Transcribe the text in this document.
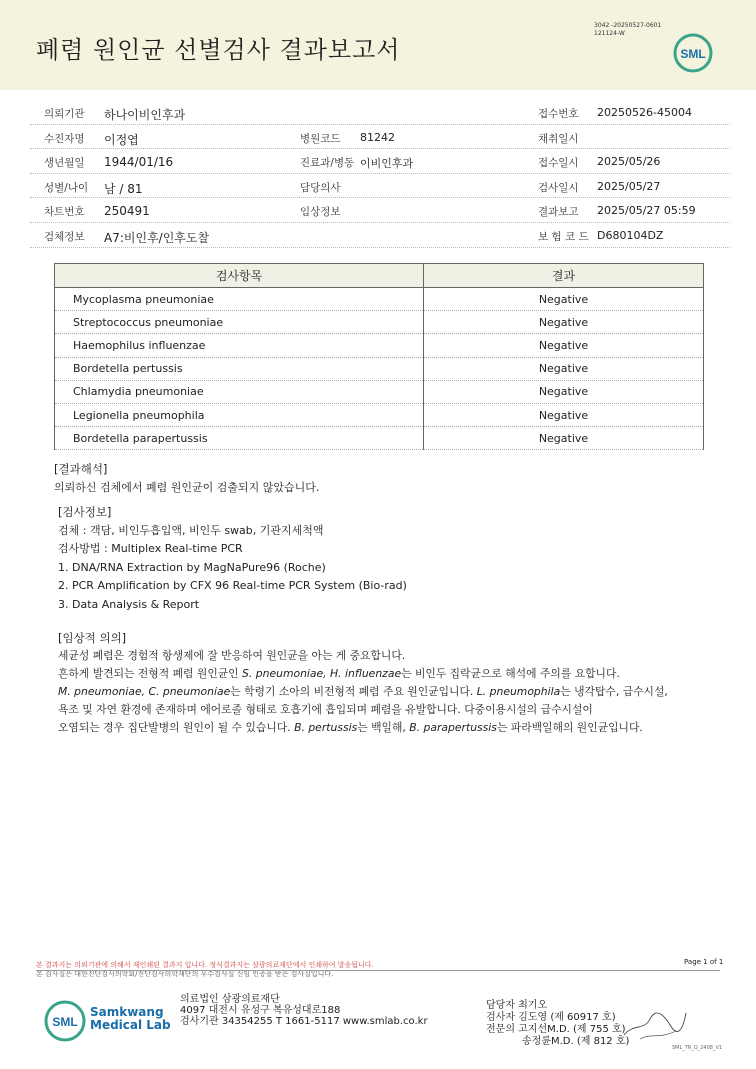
폐렴 원인균 선별검사 결과보고서
3042 -20250527-0601
121124-W
SML
의뢰기관 하나이비인후과	접수번호 20250526-45004
수진자명 이정엽	병원코드 81242	채취일시
생년월일 1944/01/16	진료과/병동 이비인후과	접수일시 2025/05/26
성별/나이 남 / 81	담당의사	검사일시 2025/05/27
차트번호 250491	임상정보	결과보고 2025/05/27 05:59
검체정보 A7:비인후/인후도찰	보 험 코 드 D680104DZ
검사항목	결과
Mycoplasma pneumoniae	Negative
Streptococcus pneumoniae	Negative
Haemophilus influenzae	Negative
Bordetella pertussis	Negative
Chlamydia pneumoniae	Negative
Legionella pneumophila	Negative
Bordetella parapertussis	Negative

[결과해석]

의뢰하신 검체에서 폐렴 원인균이 검출되지 않았습니다.

[검사정보]

검체 : 객담, 비인두흡입액, 비인두 swab, 기관지세척액

검사방법 : Multiplex Real-time PCR

1. DNA/RNA Extraction by MagNaPure96 (Roche)

2. PCR Amplification by CFX 96 Real-time PCR System (Bio-rad)

3. Data Analysis & Report

[임상적 의의]

세균성 폐렴은 경험적 항생제에 잘 반응하여 원인균을 아는 게 중요합니다.

흔하게 발견되는 전형적 폐렴 원인균인 S. pneumoniae, H. influenzae는 비인두 집락균으로 해석에 주의를 요합니다.

M. pneumoniae, C. pneumoniae는 학령기 소아의 비전형적 폐렴 주요 원인균입니다. L. pneumophila는 냉각탑수, 급수시설,

욕조 및 자연 환경에 존재하며 에어로졸 형태로 호흡기에 흡입되며 폐렴을 유발합니다. 다중이용시설의 급수시설이

오염되는 경우 집단발병의 원인이 될 수 있습니다. B. pertussis는 백일해, B. parapertussis는 파라백일해의 원인균입니다.

본 결과지는 의뢰기관에 의해서 재인쇄된 결과지 입니다. 정식결과지는 삼광의료재단에서 인쇄하여 발송됩니다.
본 검사실은 대한진단검사의학회/진단검사의학재단의 우수검사실 신임 인증을 받은 검사실입니다.
Page 1 of 1
SML
Samkwang
Medical Lab
의료법인 삼광의료재단
4097 대전시 유성구 복유성대로188
검사기관 34354255 T 1661-5117 www.smlab.co.kr
담당자 최기오
검사자 김도영 (제 60917 호)
전문의 고지선M.D. (제 755 호)
송정륜M.D. (제 812 호)
SML_TR_Q_2408_V1
